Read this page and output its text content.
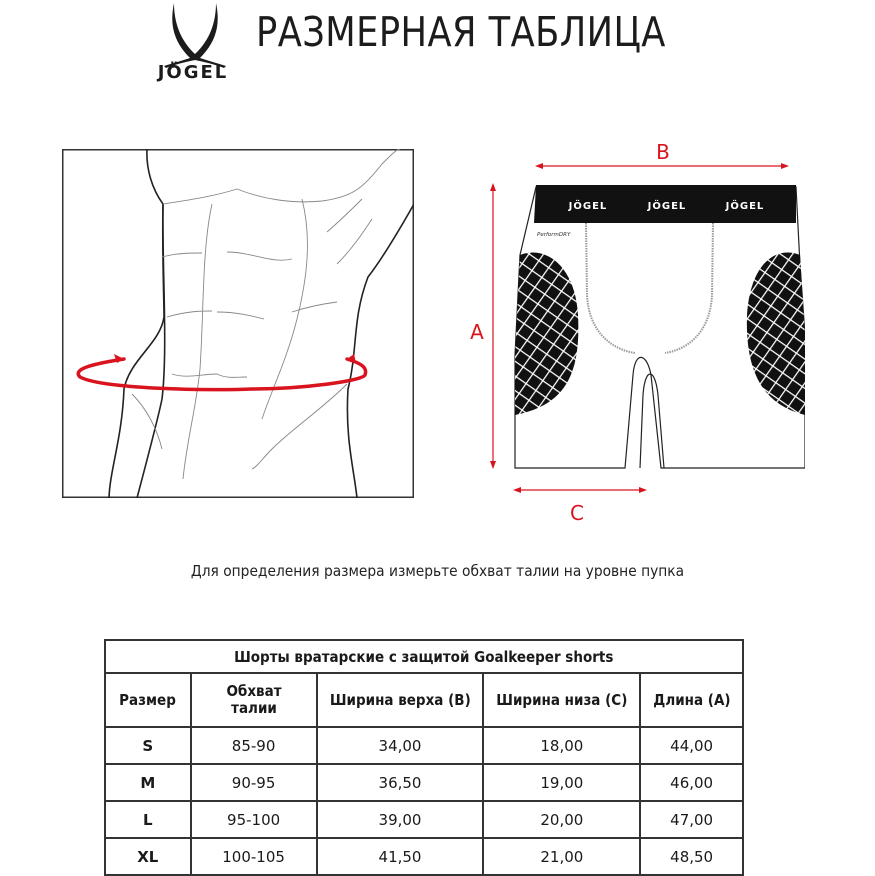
JÖGEL
РАЗМЕРНАЯ ТАБЛИЦА
B
A
C
JÖGEL	JÖGEL	JÖGEL
PerformDRY
Для определения размера измерьте обхват талии на уровне пупка
Шорты вратарские с защитой Goalkeeper shorts				
Размер	Обхват талии	Ширина верха (B)	Ширина низа (C)	Длина (A)
S	85-90	34,00	18,00	44,00
M	90-95	36,50	19,00	46,00
L	95-100	39,00	20,00	47,00
XL	100-105	41,50	21,00	48,50
